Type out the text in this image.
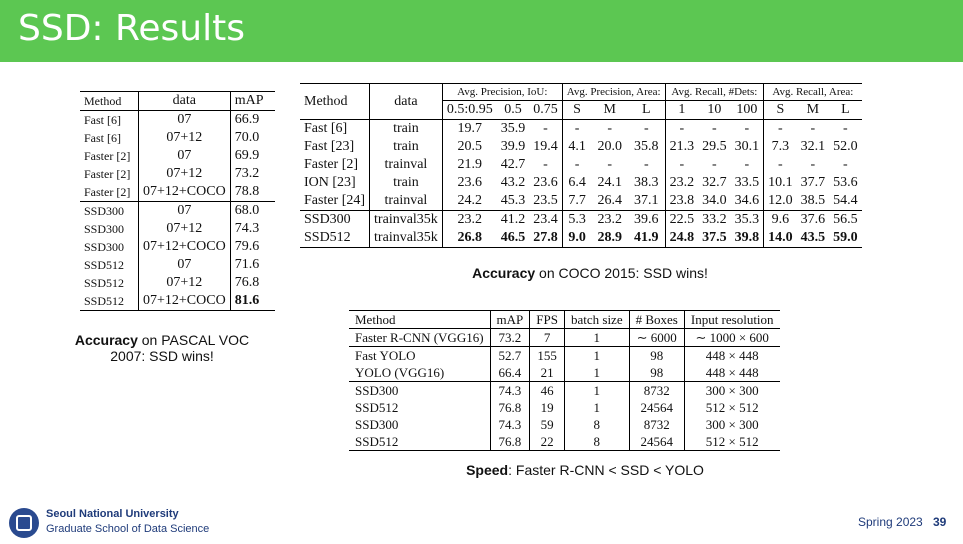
SSD: Results
Method	data	mAP
Fast [6]	07	66.9
Fast [6]	07+12	70.0
Faster [2]	07	69.9
Faster [2]	07+12	73.2
Faster [2]	07+12+COCO	78.8
SSD300	07	68.0
SSD300	07+12	74.3
SSD300	07+12+COCO	79.6
SSD512	07	71.6
SSD512	07+12	76.8
SSD512	07+12+COCO	81.6
Accuracy on PASCAL VOC
2007: SSD wins!
Method	data	Avg. Precision, IoU:			Avg. Precision, Area:			Avg. Recall, #Dets:			Avg. Recall, Area:		
		0.5:0.95	0.5	0.75	S	M	L	1	10	100	S	M	L
Fast [6]	train	19.7	35.9	-	-	-	-	-	-	-	-	-	-
Fast [23]	train	20.5	39.9	19.4	4.1	20.0	35.8	21.3	29.5	30.1	7.3	32.1	52.0
Faster [2]	trainval	21.9	42.7	-	-	-	-	-	-	-	-	-	-
ION [23]	train	23.6	43.2	23.6	6.4	24.1	38.3	23.2	32.7	33.5	10.1	37.7	53.6
Faster [24]	trainval	24.2	45.3	23.5	7.7	26.4	37.1	23.8	34.0	34.6	12.0	38.5	54.4
SSD300	trainval35k	23.2	41.2	23.4	5.3	23.2	39.6	22.5	33.2	35.3	9.6	37.6	56.5
SSD512	trainval35k	26.8	46.5	27.8	9.0	28.9	41.9	24.8	37.5	39.8	14.0	43.5	59.0
Accuracy on COCO 2015: SSD wins!
Method	mAP	FPS	batch size	# Boxes	Input resolution
Faster R-CNN (VGG16)	73.2	7	1	∼ 6000	∼ 1000 × 600
Fast YOLO	52.7	155	1	98	448 × 448
YOLO (VGG16)	66.4	21	1	98	448 × 448
SSD300	74.3	46	1	8732	300 × 300
SSD512	76.8	19	1	24564	512 × 512
SSD300	74.3	59	8	8732	300 × 300
SSD512	76.8	22	8	24564	512 × 512
Speed: Faster R-CNN < SSD < YOLO
Seoul National University
Graduate School of Data Science	Spring 2023 39
